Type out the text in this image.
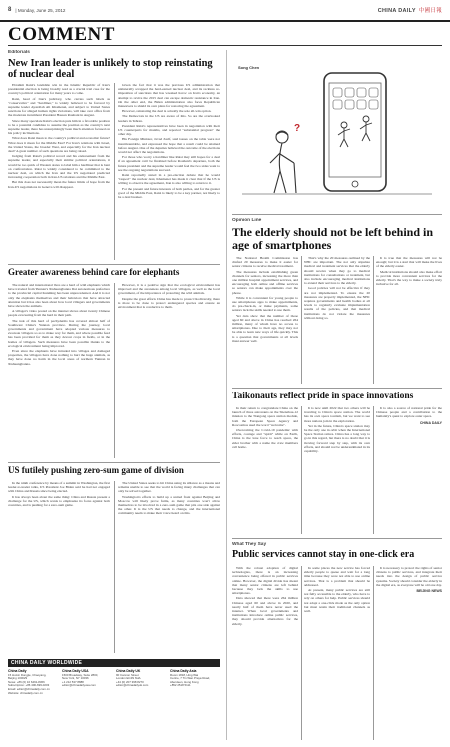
8 | Monday, June 25, 2012	CHINA DAILY 中國日報
COMMENT
Editorials
New Iran leader is unlikely to stop reinstating of nuclear deal

Ebrahim Raisi's landslide win in the Islamic Republic of Iran's presidential election is being broadly read as a crucial trial case for the country's political orientation for many years to come.

Raisi, head of Iran's judiciary, who carries such labels as "conservative" and "hardliner," is widely believed to be favored by supreme leader Ayatollah Ali Khamenei, and subject to United States sanctions for alleged human rights violations, will take over office from the moderate incumbent President Hassan Rouhani in August.

Since many speculate Raisi's election puts him in a favorable position to be a potential candidate to assume the position as the country's next supreme leader, there has unsurprisingly been much attention focused on his policy inclinations.

What does Raisi mean to the country's political and economic future? What does it mean for the Middle East? For Iran's relations with Israel, the United States, the broader West, and especially for the Iran nuclear deal? A great number of such questions are being raised.

Judging from Raisi's political record and his endorsement from the supreme leader, and especially their similar political orientations, it would be too quick of Western states to label him a hardliner that is bent on confrontation. Raisi is widely considered to be committed to the nuclear deal, on which the Iran and the US negotiated predicted increasing cooperation both in Iran-US relations and the Middle East.

But this does not necessarily mean the future limits of hope from the Iran-US negotiations in Geneva will disappear.

Given the fact that it was the previous US administration that unilaterally scrapped the hard-earned nuclear deal, and its reckless re-imposition of sanctions that has wreaked havoc on Iran's economy, an attempt to revive the 2015 deal can escape domestic resistance in Iran. On the other end, the Biden administration also faces Republican maneuvers to shield its own plans for restoring the agreement.

However, reinstating the deal is actually the sole all-win option.

The Democrats in the US are aware of this. So are the overlooked leaders in Tehran.

President Raisi's representatives have been in negotiation with their US counterparts for months, and reported "substantial progress" the other day.

His Foreign Minister, Javad Zarif, said issues on the table were not insurmountable, and expressed the hope that a result could be attained before August. One of the deputies believed the outcome of the elections would not affect the negotiations.

For those who worry a hardliner like Raisi may still hopes for a deal if an agreement can't be finalized before Rouhani's departure, both the future president and the supreme leader would feel the two sides want to see the ongoing negotiations succeed.

Raisi reportedly stated in a pre-election debate that he would "respect" the nuclear deal, Khamenei has made it clear that if the US is willing to observe the agreement, Iran is also willing to return to it.

For the present and future interests of both parties, and for the greater good of the Middle East, Raisi is likely to be a key partner, not likely to be a deal breaker.

Greater awareness behind care for elephants

The natural and international lives are a herd of wild elephants which have traveled from Yunnan's Xishuangbanna Dai autonomous prefecture to the provincial capital Kunming has been unprecedented. And it is not only the elephants themselves and their behaviors that have attracted attention but it has also been about how local villagers and governments have shown the animals.

A villager's video posted on the internet shows about twenty Chinese people evacuating from the herd in their path.

The trek of this herd of pachyderms has covered almost half of Southwest China's Yunnan province. During the journey, local governments and government have adopted various measures to evacuate villagers so as to make way for them, and where possible feed has been provided for them as they devour crops in fields, or in the homes of villagers. Such measures have been possible thanks to the ecological environment being improved.

Even since the elephants have intruded into villages and damaged properties, the villagers have done nothing to hurt the huge animals, as they have done no harm in the local areas of northern Yunnan in Xishuangbanna.

However, it is a positive sign that the ecological environment has improved and the awareness among local villagers, as well as the local government, of the importance of protecting the wild animals.

Despite the great efforts China has made to protect biodiversity, there is more to be done to protect endangered species and ensure an environment that is conducive to them.

US futilely pushing zero-sum game of division

In the ninth conference by means of a summit in Washington, the first leader-to-leader talks, US President Joe Biden said he had not engaged with China and Russia since being elected.

It has always been about the same thing: China and Russia present a challenge for the US, which wants to emphasize its focus against both countries, and is pushing for a zero-sum game.

The United States seeks to hit China using its alliance as a means and remains unable to see that the world is facing many challenges that can only be solved together.

Washington's efforts to build up a united front against Beijing and Moscow will likely prove futile, as many countries won't allow themselves to be involved in a zero-sum game that pits one side against the other. It is the US that needs to change, and the international community needs to make their voice heard on this.

CHINA DAILY WORLDWIDE
China Daily
15 Huixin Dongjie, Chaoyang,
Beijing 100029
News: +86 (0) 10 6491-8366
Subscription: +86 400-699-0203
Email: editor@chinadaily.com.cn
Website: chinadaily.com.cn
China Daily USA
1500 Broadway, Suite 2800,
New York, NY 10036
+1 212 537 8888
editor@chinadailyusa.com
China Daily UK
90 Cannon Street
London EC4N 6HA
+44 (0) 207 398 8270
editor@chinadailyuk.com
China Daily Asia
Room 1818, Hing Wai
Centre, 7 Tin Wan Praya Road,
Aberdeen, Hong Kong
+852 2518 5111
Song Chen
?
Opinion Line
The elderly should not be left behind in age of smartphones

The National Health Commission has drafted 20 measures to make it easier for senior citizens to receive medical treatment.

The measures include establishing green channels for seniors, increasing the more than one million hospital appointment services, and encouraging both online and offline services so seniors can make appointments over the phone.

While it is convenient for young people to use smartphones apps to make appointments, do pre-check-in, or make payments, some seniors lack the skills needed to use them.

Yet data show that the number of those aged 60 and above in China has reached 264 million, many of whom have no access to smartphones. Due to their age, they may not be able to learn new ways of life quickly. This is a question that governments at all levels must answer well.

That's why the 20 measures outlined by the NHC are important. The not only stipulate medical and treatment services that the elderly should receive when they go to medical institutions for consultations or treatment, but also include encouraging medical institutions to extend their services to the elderly.

Good policies will not be effective if they are not implemented. To ensure the 20 measures are properly implemented, the NHC requires governments and health bodies at all levels to regularly evaluate implementation results of the policies, and that medical institutions do not violate the measures without doing so.

It is true that the measures will not be enough; but it is a start that will make the lives of the elderly easier.

Medical institutions should also make effort to provide more convenient services for the elderly. That's the way to make a society truly inclusive for all.

Taikonauts reflect pride in space innovations

In their return to congratulate China on the launch of three astronauts on the Shenzhou-12 mission to the Tiangong space station module, both the European Space Agency and Roscosmos used the word "welcome".

Overcoming the Covid-19 pandemic with efforts, courage and "spirit" while on Earth, China is the lone force to reach space, the elder brother with a name the crew members call home.

It is now until 2022 that two others will be traveling to China's space station. The world has its own space tourism, but we want to see more nations join in the exploration.

Yet in the future, China's space station may be the only one in orbit when the International Space Station retires. China has a long way to go in this regard, but there is no doubt that it is moving forward step by step, with its own efforts, and should not be underestimated in its capability.

It is also a source of national pride for the Chinese people and a contribution to the humanity's quest to explore outer space.

CHINA DAILY
What They Say
Public services cannot stay in one-click era

With the robust adoption of digital technologies, there is an increasing convenience being offered in public services online. However, the digital divide has meant that many senior citizens are left behind because they lack the skills to use smartphones.

Data showed that there were 264 million Chinese aged 60 and above in 2020, and nearly half of them have never used the internet. When local governments and institutions introduce online public services, they should provide alternatives for the elderly.

In some places the new service has forced elderly people to queue and wait for a long time because they were not able to use online services. That is a problem that should be addressed.

At present, many public services are still not fully accessible to the elderly, who have to rely on others for help. Public services should not adopt a one-click mode as the only option but must retain their traditional channels as well.

It is necessary to protect the rights of senior citizens to public services, and integrate their needs into the design of public service systems. Society should consider the elderly in the digital era, as everyone will be old one day.

BEIJING NEWS
